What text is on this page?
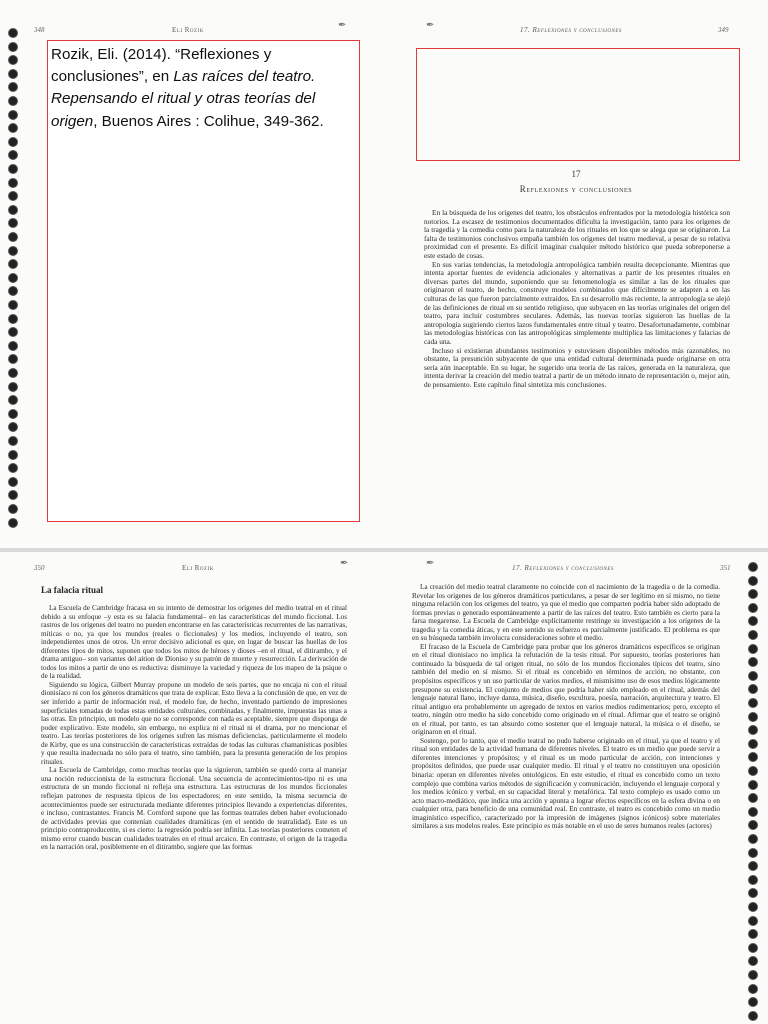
348	Eli Rozik	✒
Rozik, Eli. (2014). “Reflexiones y conclusiones”, en Las raíces del teatro. Repensando el ritual y otras teorías del origen, Buenos Aires : Colihue, 349-362.
✒	17. Reflexiones y conclusiones	349
17
Reflexiones y conclusiones

En la búsqueda de los orígenes del teatro, los obstáculos enfrentados por la metodología histórica son notorios. La escasez de testimonios documentados dificulta la investigación, tanto para los orígenes de la tragedia y la comedia como para la naturaleza de los rituales en los que se alega que se originaron. La falta de testimonios conclusivos empaña también los orígenes del teatro medieval, a pesar de su relativa proximidad con el presente. Es difícil imaginar cualquier método histórico que pueda sobreponerse a este estado de cosas.

En sus varias tendencias, la metodología antropológica también resulta decepcionante. Mientras que intenta aportar fuentes de evidencia adicionales y alternativas a partir de los presentes rituales en diversas partes del mundo, suponiendo que su fenomenología es similar a las de los rituales que originaron el teatro, de hecho, construye modelos combinados que difícilmente se adapten a en las culturas de las que fueron parcialmente extraídos. En su desarrollo más reciente, la antropología se alejó de las definiciones de ritual en su sentido religioso, que subyacen en las teorías originales del origen del teatro, para incluir costumbres seculares. Además, las nuevas teorías siguieron las huellas de la antropología sugiriendo ciertos lazos fundamentales entre ritual y teatro. Desafortunadamente, combinar las metodologías históricas con las antropológicas simplemente multiplica las limitaciones y falacias de cada una.

Incluso si existieran abundantes testimonios y estuviesen disponibles métodos más razonables, no obstante, la presunción subyacente de que una entidad cultural determinada puede originarse en otra sería aún inaceptable. En su lugar, he sugerido una teoría de las raíces, generada en la naturaleza, que intenta derivar la creación del medio teatral a partir de un método innato de representación o, mejor aún, de pensamiento. Este capítulo final sintetiza mis conclusiones.

350	Eli Rozik	✒
La falacia ritual

La Escuela de Cambridge fracasa en su intento de demostrar los orígenes del medio teatral en el ritual debido a su enfoque –y esta es su falacia fundamental– en las características del mundo ficcional. Los rastros de los orígenes del teatro no pueden encontrarse en las características recurrentes de las narrativas, míticas o no, ya que los mundos (reales o ficcionales) y los medios, incluyendo el teatro, son independientes unos de otros. Un error decisivo adicional es que, en lugar de buscar las huellas de los diferentes tipos de mitos, suponen que todos los mitos de héroes y dioses –en el ritual, el ditirambo, y el drama antiguo– son variantes del aition de Dioniso y su patrón de muerte y resurrección. La derivación de todos los mitos a partir de uno es reductiva: disminuye la variedad y riqueza de los mapeo de la psique o de la realidad.

Siguiendo su lógica, Gilbert Murray propone un modelo de seis partes, que no encaja ni con el ritual dionisíaco ni con los géneros dramáticos que trata de explicar. Esto lleva a la conclusión de que, en vez de ser inferido a partir de información real, el modelo fue, de hecho, inventado partiendo de impresiones superficiales tomadas de todas estas entidades culturales, combinadas, y finalmente, impuestas las unas a las otras. En principio, un modelo que no se corresponde con nada es aceptable, siempre que disponga de poder explicativo. Este modelo, sin embargo, no explica ni el ritual ni el drama, por no mencionar el teatro. Las teorías posteriores de los orígenes sufren las mismas deficiencias, particularmente el modelo de Kirby, que es una construcción de características extraídas de todas las culturas chamanísticas posibles y que resulta inadecuada no sólo para el teatro, sino también, para la presunta generación de los propios rituales.

La Escuela de Cambridge, como muchas teorías que la siguieron, también se quedó corta al manejar una noción reduccionista de la estructura ficcional. Una secuencia de acontecimientos-tipo ni es una estructura de un mundo ficcional ni refleja una estructura. Las estructuras de los mundos ficcionales reflejan patrones de respuesta típicos de los espectadores; en este sentido, la misma secuencia de acontecimientos puede ser estructurada mediante diferentes principios llevando a experiencias diferentes, e incluso, contrastantes. Francis M. Cornford supone que las formas teatrales deben haber evolucionado de actividades previas que contenían cualidades dramáticas (en el sentido de teatralidad). Este es un principio contraproducente, si es cierto: la regresión podría ser infinita. Las teorías posteriores cometen el mismo error cuando buscan cualidades teatrales en el ritual arcaico. En contraste, el origen de la tragedia en la narración oral, posiblemente en el ditirambo, sugiere que las formas

✒	17. Reflexiones y conclusiones	351

La creación del medio teatral claramente no coincide con el nacimiento de la tragedia o de la comedia. Revelar los orígenes de los géneros dramáticos particulares, a pesar de ser legítimo en sí mismo, no tiene ninguna relación con los orígenes del teatro, ya que el medio que comparten podría haber sido adoptado de formas previas o generado espontáneamente a partir de las raíces del teatro. Esto también es cierto para la farsa megarense. La Escuela de Cambridge explícitamente restringe su investigación a los orígenes de la tragedia y la comedia áticas, y en este sentido su esfuerzo es parcialmente justificado. El problema es que en su búsqueda también involucra consideraciones sobre el medio.

El fracaso de la Escuela de Cambridge para probar que los géneros dramáticos específicos se originan en el ritual dionisíaco no implica la refutación de la tesis ritual. Por supuesto, teorías posteriores han continuado la búsqueda de tal origen ritual, no sólo de los mundos ficcionales típicos del teatro, sino también del medio en sí mismo. Si el ritual es concebido en términos de acción, no obstante, con propósitos específicos y un uso particular de varios medios, el mismísimo uso de esos medios lógicamente presupone su existencia. El conjunto de medios que podría haber sido empleado en el ritual, además del lenguaje natural llano, incluye danza, música, diseño, escultura, poesía, narración, arquitectura y teatro. El ritual antiguo era probablemente un agregado de textos en varios medios rudimentarios; pero, excepto el teatro, ningún otro medio ha sido concebido como originado en el ritual. Afirmar que el teatro se originó en el ritual, por tanto, es tan absurdo como sostener que el lenguaje natural, la música o el diseño, se originaron en el ritual.

Sostengo, por lo tanto, que el medio teatral no pudo haberse originado en el ritual, ya que el teatro y el ritual son entidades de la actividad humana de diferentes niveles. El teatro es un medio que puede servir a diferentes intenciones y propósitos; y el ritual es un modo particular de acción, con intenciones y propósitos definidos, que puede usar cualquier medio. El ritual y el teatro no constituyen una oposición binaria: operan en diferentes niveles ontológicos. En este estudio, el ritual es concebido como un texto complejo que combina varios métodos de significación y comunicación, incluyendo el lenguaje corporal y los medios icónico y verbal, en su capacidad literal y metafórica. Tal texto complejo es usado como un acto macro-mediático, que indica una acción y apunta a lograr efectos específicos en la esfera divina o en cualquier otra, para beneficio de una comunidad real. En contraste, el teatro es concebido como un medio imaginístico específico, caracterizado por la impresión de imágenes (signos icónicos) sobre materiales similares a sus modelos reales. Este principio es más notable en el uso de seres humanos reales (actores)
